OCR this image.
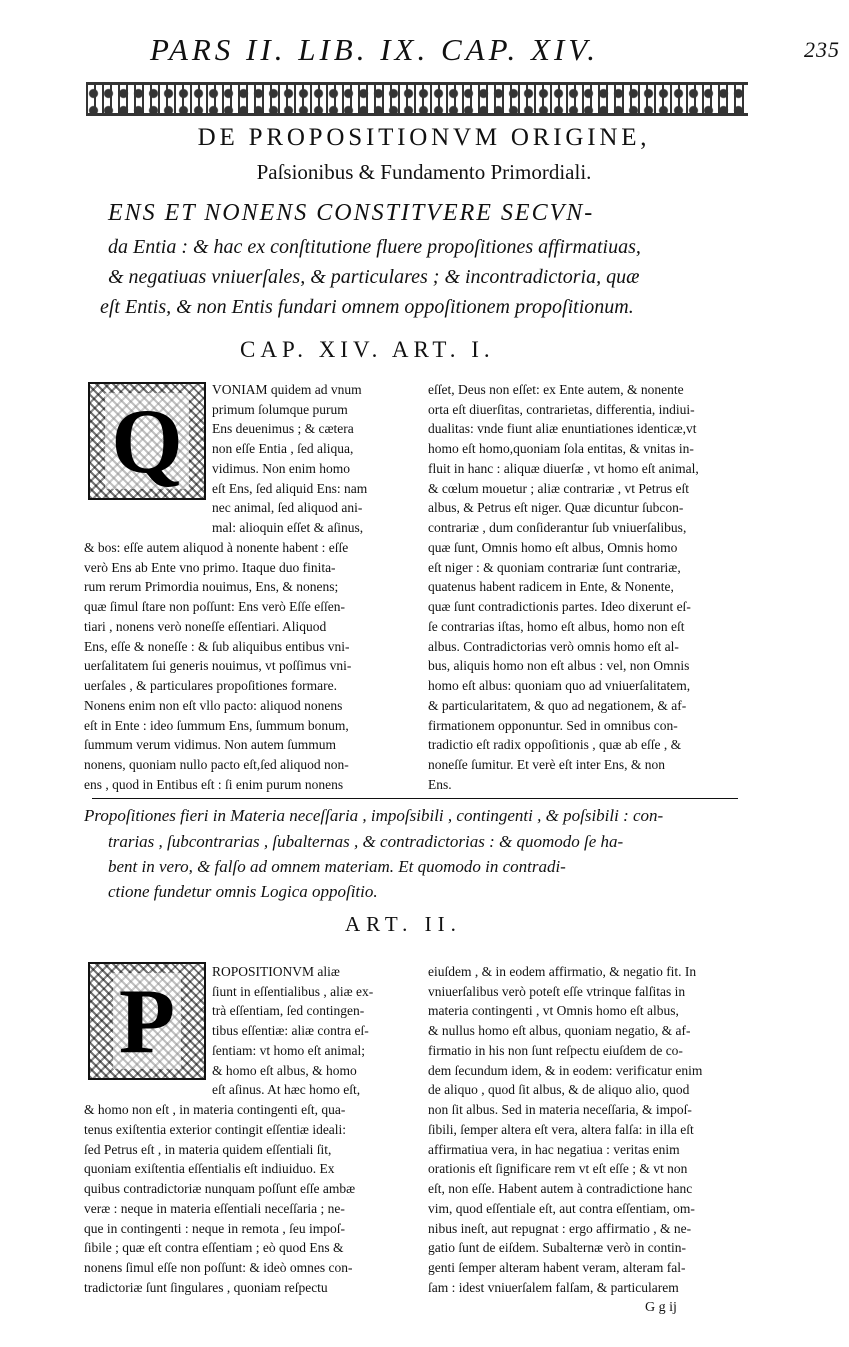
PARS II. LIB. IX. CAP. XIV.	235
DE PROPOSITIONVM ORIGINE,
Paſsionibus & Fundamento Primordiali.
ENS ET NONENS CONSTITVERE SECVN-
da Entia : & hac ex conſtitutione fluere propoſitiones affirmatiuas,
& negatiuas vniuerſales, & particulares ; & incontradictoria, quæ
eſt Entis, & non Entis fundari omnem oppoſitionem propoſitionum.
CAP. XIV. ART. I.
Q
VONIAM quidem ad vnum
primum ſolumque purum
Ens deuenimus ; & cætera
non eſſe Entia , ſed aliqua,
vidimus. Non enim homo
eſt Ens, ſed aliquid Ens: nam
nec animal, ſed aliquod ani-
mal: alioquin eſſet & aſinus,
& bos: eſſe autem aliquod à nonente habent : eſſe
verò Ens ab Ente vno primo. Itaque duo finita-
rum rerum Primordia nouimus, Ens, & nonens;
quæ ſimul ſtare non poſſunt: Ens verò Eſſe eſſen-
tiari , nonens verò noneſſe eſſentiari. Aliquod
Ens, eſſe & noneſſe : & ſub aliquibus entibus vni-
uerſalitatem ſui generis nouimus, vt poſſimus vni-
uerſales , & particulares propoſitiones formare.
Nonens enim non eſt vllo pacto: aliquod nonens
eſt in Ente : ideo ſummum Ens, ſummum bonum,
ſummum verum vidimus. Non autem ſummum
nonens, quoniam nullo pacto eſt,ſed aliquod non-
ens , quod in Entibus eſt : ſi enim purum nonens
eſſet, Deus non eſſet: ex Ente autem, & nonente
orta eſt diuerſitas, contrarietas, differentia, indiui-
dualitas: vnde fiunt aliæ enuntiationes identicæ,vt
homo eſt homo,quoniam ſola entitas, & vnitas in-
fluit in hanc : aliquæ diuerſæ , vt homo eſt animal,
& cœlum mouetur ; aliæ contrariæ , vt Petrus eſt
albus, & Petrus eſt niger. Quæ dicuntur ſubcon-
contrariæ , dum conſiderantur ſub vniuerſalibus,
quæ ſunt, Omnis homo eſt albus, Omnis homo
eſt niger : & quoniam contrariæ ſunt contrariæ,
quatenus habent radicem in Ente, & Nonente,
quæ ſunt contradictionis partes. Ideo dixerunt eſ-
ſe contrarias iſtas, homo eſt albus, homo non eſt
albus. Contradictorias verò omnis homo eſt al-
bus, aliquis homo non eſt albus : vel, non Omnis
homo eſt albus: quoniam quo ad vniuerſalitatem,
& particularitatem, & quo ad negationem, & af-
firmationem opponuntur. Sed in omnibus con-
tradictio eſt radix oppoſitionis , quæ ab eſſe , &
noneſſe ſumitur. Et verè eſt inter Ens, & non
Ens.
Propoſitiones fieri in Materia neceſſaria , impoſsibili , contingenti , & poſsibili : con-
trarias , ſubcontrarias , ſubalternas , & contradictorias : & quomodo ſe ha-
bent in vero, & falſo ad omnem materiam. Et quomodo in contradi-
ctione fundetur omnis Logica oppoſitio.
ART. II.
P	ROPOSITIONVM aliæ
ſiunt in eſſentialibus , aliæ ex-
trà eſſentiam, ſed contingen-
tibus eſſentiæ: aliæ contra eſ-
ſentiam: vt homo eſt animal;
& homo eſt albus, & homo
eſt aſinus. At hæc homo eſt,
& homo non eſt , in materia contingenti eſt, qua-
tenus exiſtentia exterior contingit eſſentiæ ideali:
ſed Petrus eſt , in materia quidem eſſentiali ſit,
quoniam exiſtentia eſſentialis eſt indiuiduo. Ex
quibus contradictoriæ nunquam poſſunt eſſe ambæ
veræ : neque in materia eſſentiali neceſſaria ; ne-
que in contingenti : neque in remota , ſeu impoſ-
ſibile ; quæ eſt contra eſſentiam ; eò quod Ens &
nonens ſimul eſſe non poſſunt: & ideò omnes con-
tradictoriæ ſunt ſingulares , quoniam reſpectu
eiuſdem , & in eodem affirmatio, & negatio fit. In
vniuerſalibus verò poteſt eſſe vtrinque falſitas in
materia contingenti , vt Omnis homo eſt albus,
& nullus homo eſt albus, quoniam negatio, & af-
firmatio in his non ſunt reſpectu eiuſdem de co-
dem ſecundum idem, & in eodem: verificatur enim
de aliquo , quod ſit albus, & de aliquo alio, quod
non ſit albus. Sed in materia neceſſaria, & impoſ-
ſibili, ſemper altera eſt vera, altera falſa: in illa eſt
affirmatiua vera, in hac negatiua : veritas enim
orationis eſt ſignificare rem vt eſt eſſe ; & vt non
eſt, non eſſe. Habent autem à contradictione hanc
vim, quod eſſentiale eſt, aut contra eſſentiam, om-
nibus ineſt, aut repugnat : ergo affirmatio , & ne-
gatio ſunt de eiſdem. Subalternæ verò in contin-
genti ſemper alteram habent veram, alteram fal-
ſam : idest vniuerſalem falſam, & particularem
G g ij
